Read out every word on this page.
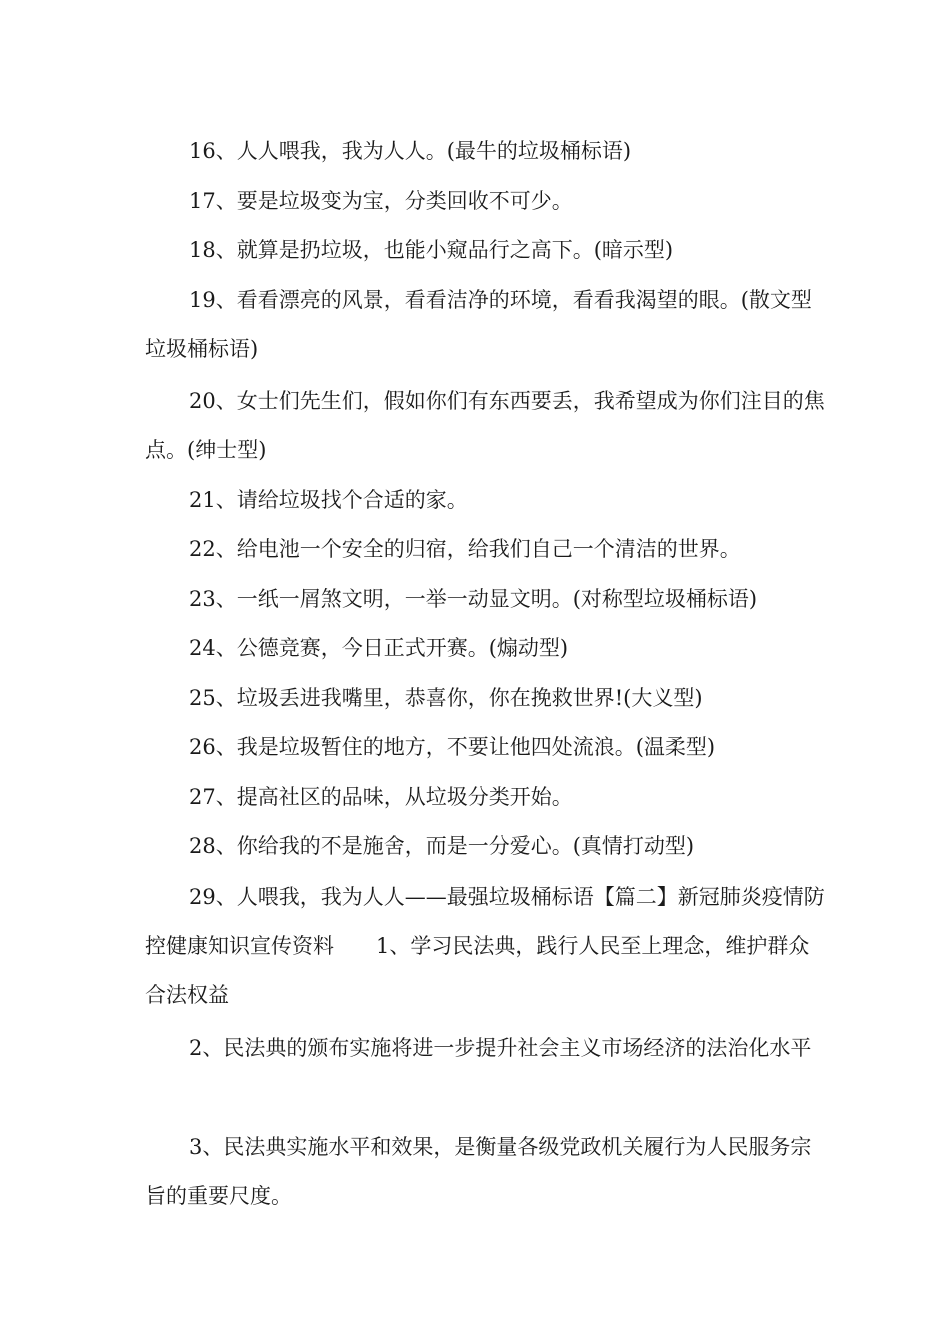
16、人人喂我，我为人人。(最牛的垃圾桶标语)

17、要是垃圾变为宝，分类回收不可少。

18、就算是扔垃圾，也能小窥品行之高下。(暗示型)

19、看看漂亮的风景，看看洁净的环境，看看我渴望的眼。(散文型垃圾桶标语)

20、女士们先生们，假如你们有东西要丢，我希望成为你们注目的焦点。(绅士型)

21、请给垃圾找个合适的家。

22、给电池一个安全的归宿，给我们自己一个清洁的世界。

23、一纸一屑煞文明，一举一动显文明。(对称型垃圾桶标语)

24、公德竞赛，今日正式开赛。(煽动型)

25、垃圾丢进我嘴里，恭喜你，你在挽救世界!(大义型)

26、我是垃圾暂住的地方，不要让他四处流浪。(温柔型)

27、提高社区的品味，从垃圾分类开始。

28、你给我的不是施舍，而是一分爱心。(真情打动型)

29、人喂我，我为人人——最强垃圾桶标语【篇二】新冠肺炎疫情防控健康知识宣传资料　　1、学习民法典，践行人民至上理念，维护群众合法权益

2、民法典的颁布实施将进一步提升社会主义市场经济的法治化水平

3、民法典实施水平和效果，是衡量各级党政机关履行为人民服务宗旨的重要尺度。
